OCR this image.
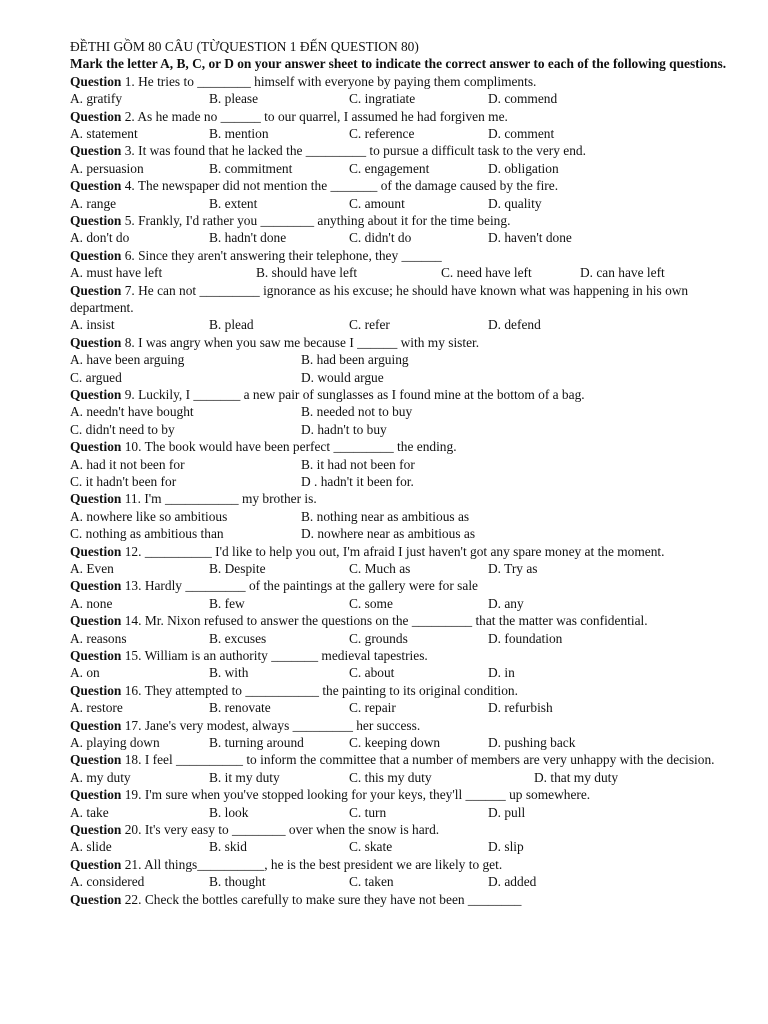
ĐỀTHI GỒM 80 CÂU (TỪQUESTION 1 ĐẾN QUESTION 80)
Mark the letter A, B, C, or D on your answer sheet to indicate the correct answer to each of the following questions.
Question 1. He tries to ________ himself with everyone by paying them compliments.
A. gratify	B. please	C. ingratiate	D. commend
Question 2. As he made no ______ to our quarrel, I assumed he had forgiven me.
A. statement	B. mention	C. reference	D. comment
Question 3. It was found that he lacked the _________ to pursue a difficult task to the very end.
A. persuasion	B. commitment	C. engagement	D. obligation
Question 4. The newspaper did not mention the _______ of the damage caused by the fire.
A. range	B. extent	C. amount	D. quality
Question 5. Frankly, I'd rather you ________ anything about it for the time being.
A. don't do	B. hadn't done	C. didn't do	D. haven't done
Question 6. Since they aren't answering their telephone, they ______
A. must have left	B. should have left	C. need have left	D. can have left
Question 7. He can not _________ ignorance as his excuse; he should have known what was happening in his own department.
A. insist	B. plead	C. refer	D. defend
Question 8. I was angry when you saw me because I ______ with my sister.
A. have been arguing	B. had been arguing
C. argued	D. would argue
Question 9. Luckily, I _______ a new pair of sunglasses as I found mine at the bottom of a bag.
A. needn't have bought	B. needed not to buy
C. didn't need to by	D. hadn't to buy
Question 10. The book would have been perfect _________ the ending.
A. had it not been for	B. it had not been for
C. it hadn't been for	D . hadn't it been for.
Question 11. I'm ___________ my brother is.
A. nowhere like so ambitious	B. nothing near as ambitious as
C. nothing as ambitious than	D. nowhere near as ambitious as
Question 12. __________ I'd like to help you out, I'm afraid I just haven't got any spare money at the moment.
A. Even	B. Despite	C. Much as	D. Try as
Question 13. Hardly _________ of the paintings at the gallery were for sale
A. none	B. few	C. some	D. any
Question 14. Mr. Nixon refused to answer the questions on the _________ that the matter was confidential.
A. reasons	B. excuses	C. grounds	D. foundation
Question 15. William is an authority _______ medieval tapestries.
A. on	B. with	C. about	D. in
Question 16. They attempted to ___________ the painting to its original condition.
A. restore	B. renovate	C. repair	D. refurbish
Question 17. Jane's very modest, always _________ her success.
A. playing down	B. turning around	C. keeping down	D. pushing back
Question 18. I feel __________ to inform the committee that a number of members are very unhappy with the decision.
A. my duty	B. it my duty	C. this my duty	D. that my duty
Question 19. I'm sure when you've stopped looking for your keys, they'll ______ up somewhere.
A. take	B. look	C. turn	D. pull
Question 20. It's very easy to ________ over when the snow is hard.
A. slide	B. skid	C. skate	D. slip
Question 21. All things__________, he is the best president we are likely to get.
A. considered	B. thought	C. taken	D. added
Question 22. Check the bottles carefully to make sure they have not been ________
